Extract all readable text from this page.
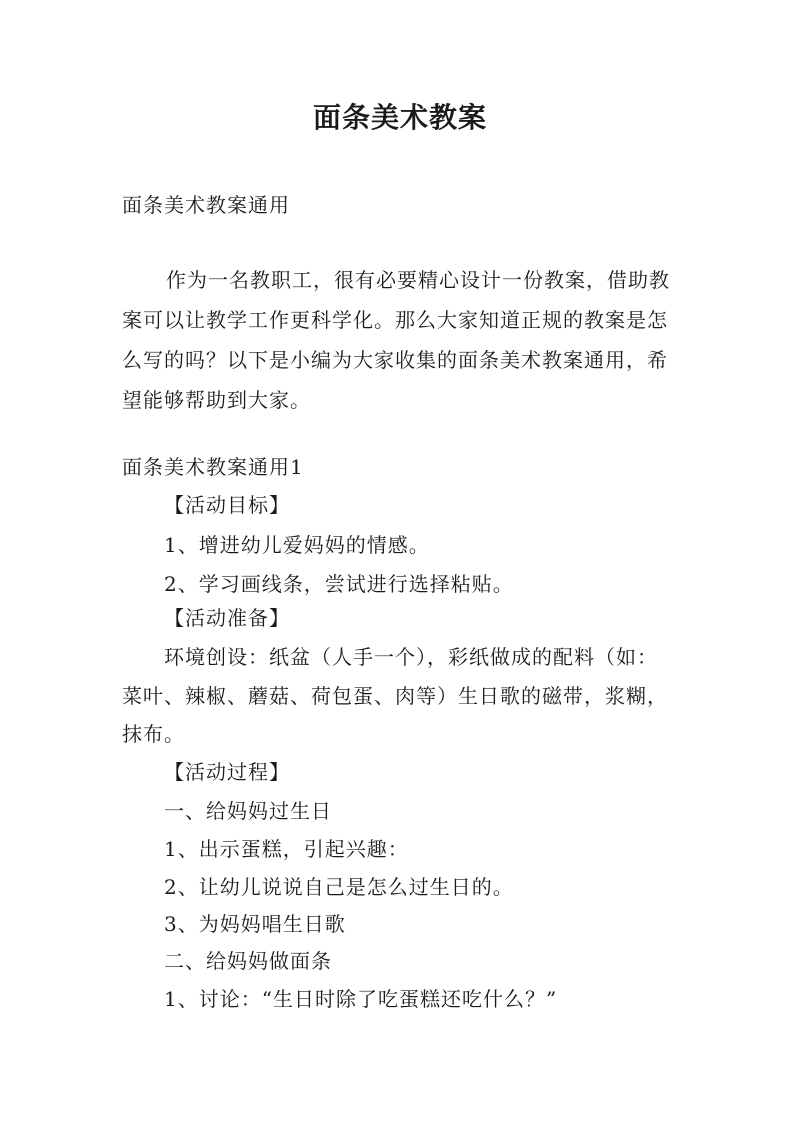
面条美术教案
面条美术教案通用
作为一名教职工，很有必要精心设计一份教案，借助教案可以让教学工作更科学化。那么大家知道正规的教案是怎么写的吗？以下是小编为大家收集的面条美术教案通用，希望能够帮助到大家。
面条美术教案通用1
【活动目标】
1、增进幼儿爱妈妈的情感。
2、学习画线条，尝试进行选择粘贴。
【活动准备】
环境创设：纸盆（人手一个），彩纸做成的配料（如：
菜叶、辣椒、蘑菇、荷包蛋、肉等）生日歌的磁带，浆糊，
抹布。
【活动过程】
一、给妈妈过生日
1、出示蛋糕，引起兴趣：
2、让幼儿说说自己是怎么过生日的。
3、为妈妈唱生日歌
二、给妈妈做面条
1、讨论：“生日时除了吃蛋糕还吃什么？”
